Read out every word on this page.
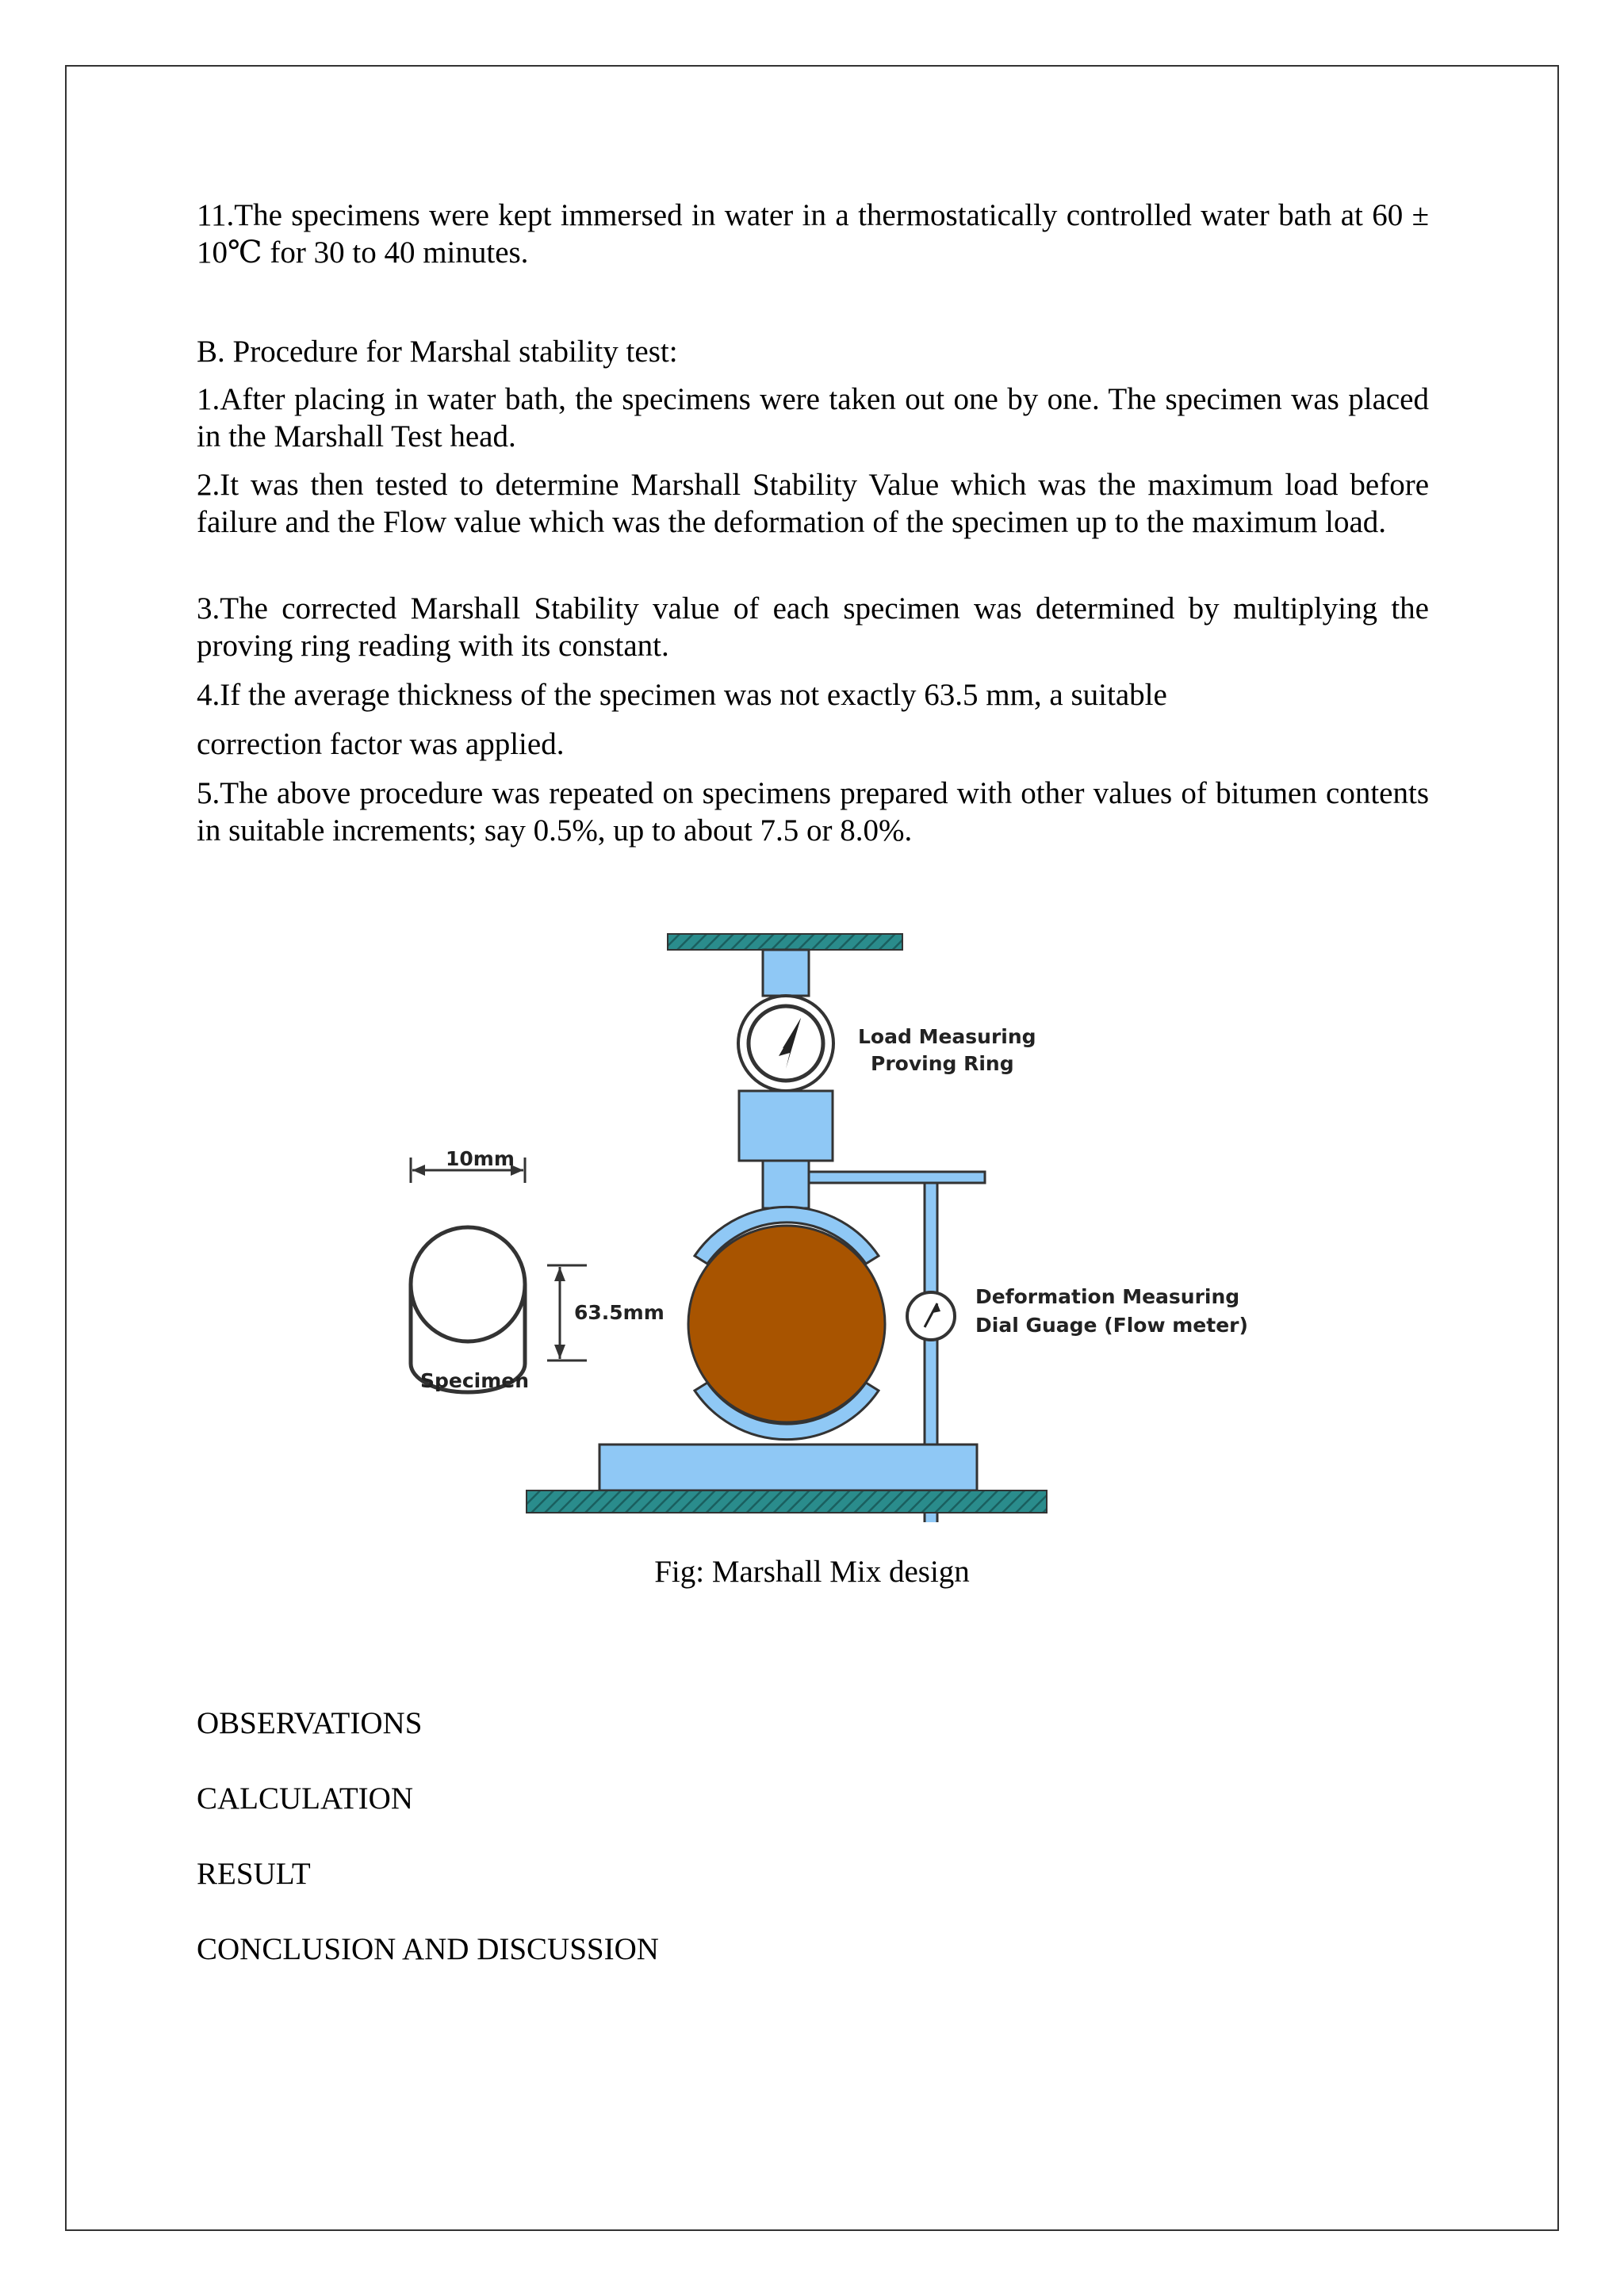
11.The specimens were kept immersed in water in a thermostatically controlled water bath at 60 ± 10℃ for 30 to 40 minutes.

B. Procedure for Marshal stability test:

1.After placing in water bath, the specimens were taken out one by one. The specimen was placed in the Marshall Test head.

2.It was then tested to determine Marshall Stability Value which was the maximum load before failure and the Flow value which was the deformation of the specimen up to the maximum load.

3.The corrected Marshall Stability value of each specimen was determined by multiplying the proving ring reading with its constant.

4.If the average thickness of the specimen was not exactly 63.5 mm, a suitable

correction factor was applied.

5.The above procedure was repeated on specimens prepared with other values of bitumen contents in suitable increments; say 0.5%, up to about 7.5 or 8.0%.

10mm
63.5mm
Specimen
Load Measuring
Proving Ring
Deformation Measuring
Dial Guage (Flow meter)
Fig: Marshall Mix design
OBSERVATIONS
CALCULATION
RESULT
CONCLUSION AND DISCUSSION
